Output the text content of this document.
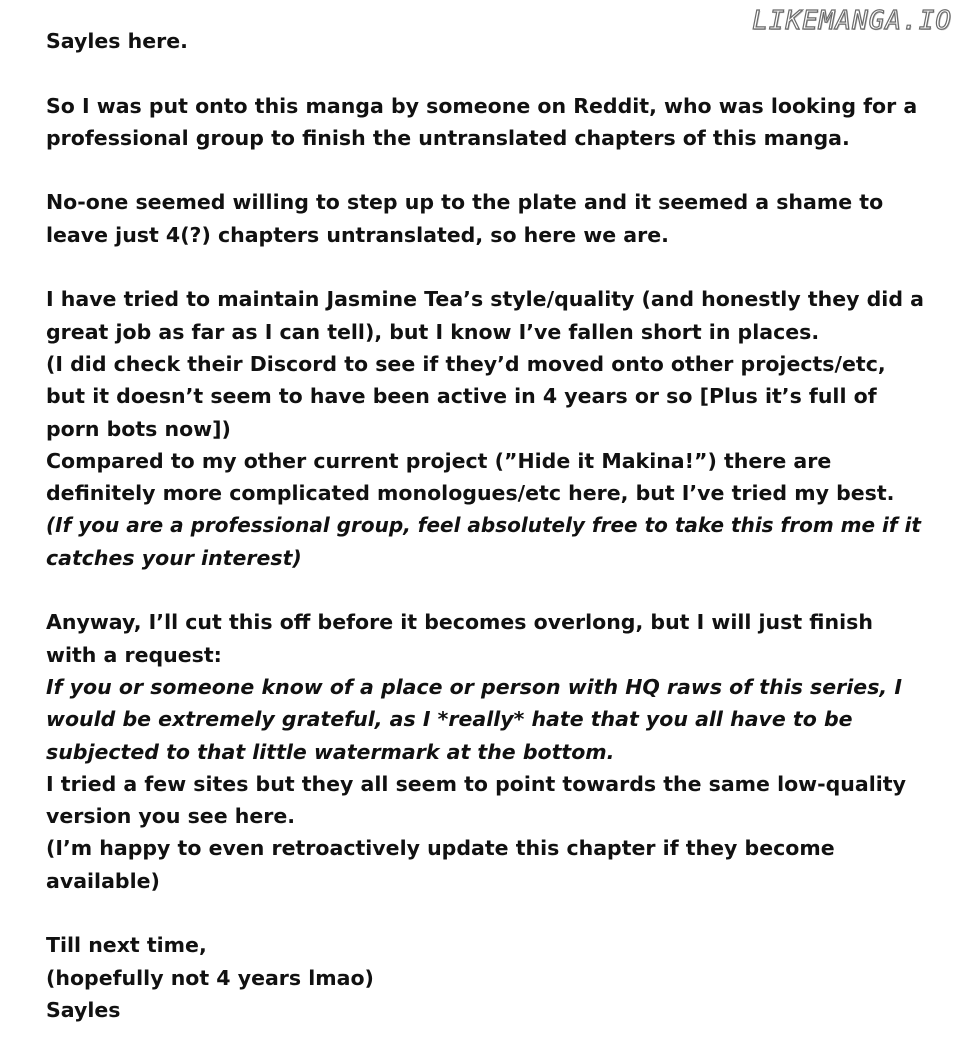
LIKEMANGA.IO
Sayles here.
So I was put onto this manga by someone on Reddit, who was looking for a
professional group to finish the untranslated chapters of this manga.
No-one seemed willing to step up to the plate and it seemed a shame to
leave just 4(?) chapters untranslated, so here we are.
I have tried to maintain Jasmine Tea’s style/quality (and honestly they did a
great job as far as I can tell), but I know I’ve fallen short in places.
(I did check their Discord to see if they’d moved onto other projects/etc,
but it doesn’t seem to have been active in 4 years or so [Plus it’s full of
porn bots now])
Compared to my other current project (”Hide it Makina!”) there are
definitely more complicated monologues/etc here, but I’ve tried my best.
(If you are a professional group, feel absolutely free to take this from me if it
catches your interest)
Anyway, I’ll cut this off before it becomes overlong, but I will just finish
with a request:
If you or someone know of a place or person with HQ raws of this series, I
would be extremely grateful, as I *really* hate that you all have to be
subjected to that little watermark at the bottom.
I tried a few sites but they all seem to point towards the same low-quality
version you see here.
(I’m happy to even retroactively update this chapter if they become
available)
Till next time,
(hopefully not 4 years lmao)
Sayles
